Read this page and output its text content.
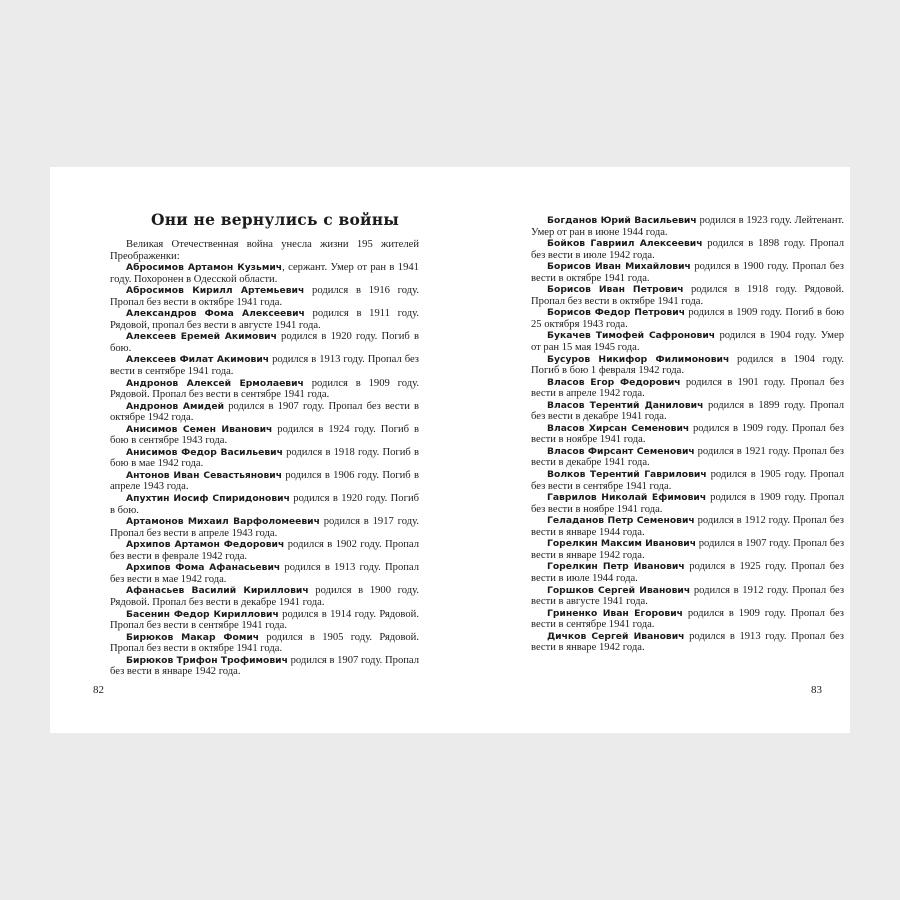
Они не вернулись с войны

Великая Отечественная война унесла жизни 195 жителей Преображенки:

Абросимов Артамон Кузьмич, сержант. Умер от ран в 1941 году. Похоронен в Одесской области.

Абросимов Кирилл Артемьевич родился в 1916 году. Пропал без вести в октябре 1941 года.

Александров Фома Алексеевич родился в 1911 году. Рядовой, пропал без вести в августе 1941 года.

Алексеев Еремей Акимович родился в 1920 году. Погиб в бою.

Алексеев Филат Акимович родился в 1913 году. Пропал без вести в сентябре 1941 года.

Андронов Алексей Ермолаевич родился в 1909 году. Рядовой. Пропал без вести в сентябре 1941 года.

Андронов Амидей родился в 1907 году. Пропал без вести в октябре 1942 года.

Анисимов Семен Иванович родился в 1924 году. Погиб в бою в сентябре 1943 года.

Анисимов Федор Васильевич родился в 1918 году. Погиб в бою в мае 1942 года.

Антонов Иван Севастьянович родился в 1906 году. Погиб в апреле 1943 года.

Апухтин Иосиф Спиридонович родился в 1920 году. Погиб в бою.

Артамонов Михаил Варфоломеевич родился в 1917 году. Пропал без вести в апреле 1943 года.

Архипов Артамон Федорович родился в 1902 году. Пропал без вести в феврале 1942 года.

Архипов Фома Афанасьевич родился в 1913 году. Пропал без вести в мае 1942 года.

Афанасьев Василий Кириллович родился в 1900 году. Рядовой. Пропал без вести в декабре 1941 года.

Басенин Федор Кириллович родился в 1914 году. Рядовой. Пропал без вести в сентябре 1941 года.

Бирюков Макар Фомич родился в 1905 году. Рядовой. Пропал без вести в октябре 1941 года.

Бирюков Трифон Трофимович родился в 1907 году. Пропал без вести в январе 1942 года.

82

Богданов Юрий Васильевич родился в 1923 году. Лейтенант. Умер от ран в июне 1944 года.

Бойков Гавриил Алексеевич родился в 1898 году. Пропал без вести в июле 1942 года.

Борисов Иван Михайлович родился в 1900 году. Пропал без вести в октябре 1941 года.

Борисов Иван Петрович родился в 1918 году. Рядовой. Пропал без вести в октябре 1941 года.

Борисов Федор Петрович родился в 1909 году. Погиб в бою 25 октября 1943 года.

Букачев Тимофей Сафронович родился в 1904 году. Умер от ран 15 мая 1945 года.

Бусуров Никифор Филимонович родился в 1904 году. Погиб в бою 1 февраля 1942 года.

Власов Егор Федорович родился в 1901 году. Пропал без вести в апреле 1942 года.

Власов Терентий Данилович родился в 1899 году. Пропал без вести в декабре 1941 года.

Власов Хирсан Семенович родился в 1909 году. Пропал без вести в ноябре 1941 года.

Власов Фирсант Семенович родился в 1921 году. Пропал без вести в декабре 1941 года.

Волков Терентий Гаврилович родился в 1905 году. Пропал без вести в сентябре 1941 года.

Гаврилов Николай Ефимович родился в 1909 году. Пропал без вести в ноябре 1941 года.

Геладанов Петр Семенович родился в 1912 году. Пропал без вести в январе 1944 года.

Горелкин Максим Иванович родился в 1907 году. Пропал без вести в январе 1942 года.

Горелкин Петр Иванович родился в 1925 году. Пропал без вести в июле 1944 года.

Горшков Сергей Иванович родился в 1912 году. Пропал без вести в августе 1941 года.

Гриненко Иван Егорович родился в 1909 году. Пропал без вести в сентябре 1941 года.

Дичков Сергей Иванович родился в 1913 году. Пропал без вести в январе 1942 года.

83
